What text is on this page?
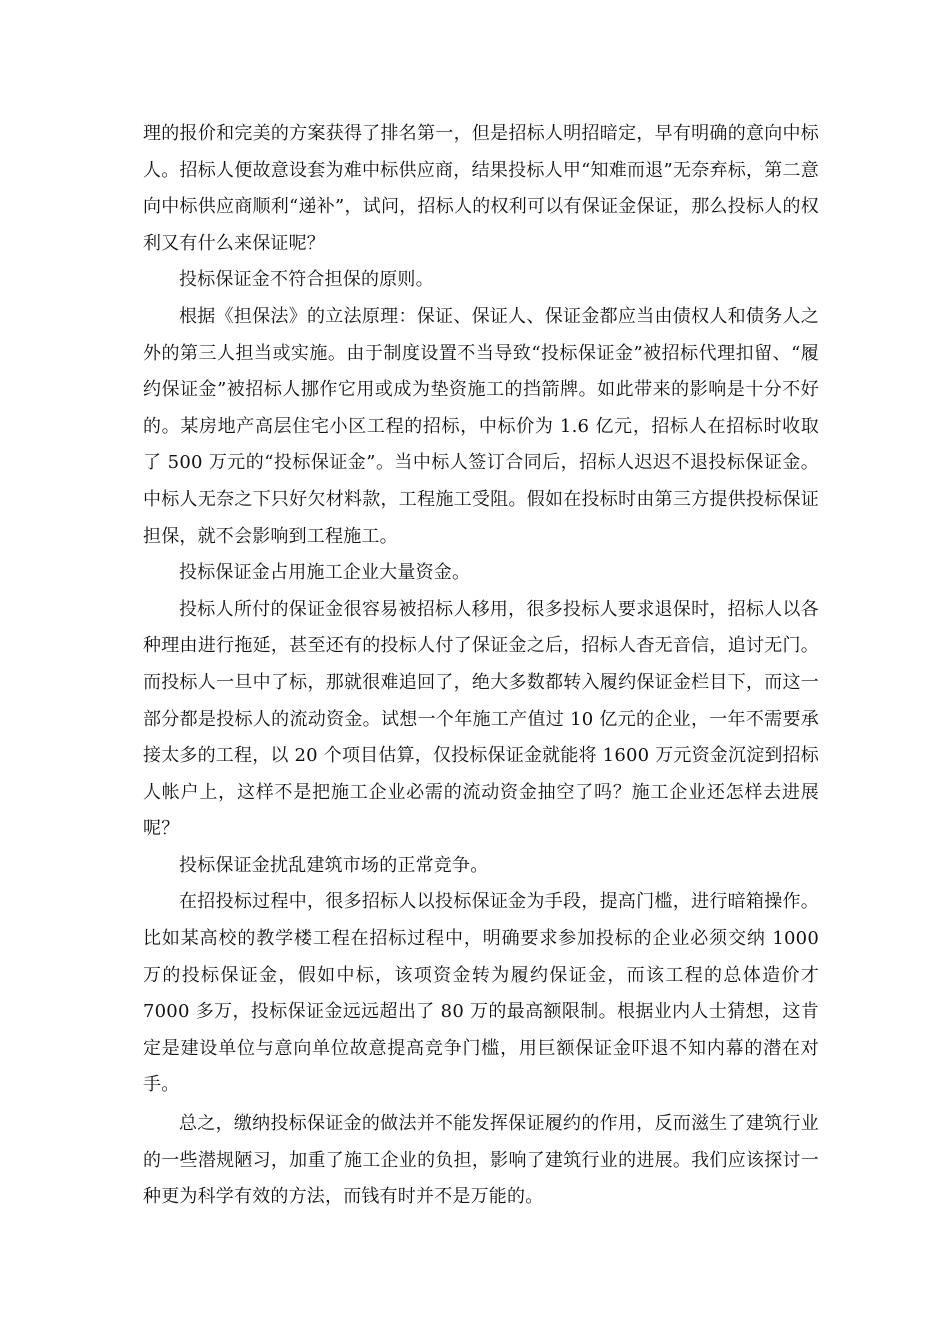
理的报价和完美的方案获得了排名第一，但是招标人明招暗定，早有明确的意向中标人。招标人便故意设套为难中标供应商，结果投标人甲“知难而退”无奈弃标，第二意向中标供应商顺利“递补”，试问，招标人的权利可以有保证金保证，那么投标人的权利又有什么来保证呢？

投标保证金不符合担保的原则。

根据《担保法》的立法原理：保证、保证人、保证金都应当由债权人和债务人之外的第三人担当或实施。由于制度设置不当导致“投标保证金”被招标代理扣留、“履约保证金”被招标人挪作它用或成为垫资施工的挡箭牌。如此带来的影响是十分不好的。某房地产高层住宅小区工程的招标，中标价为 1.6 亿元，招标人在招标时收取了 500 万元的“投标保证金”。当中标人签订合同后，招标人迟迟不退投标保证金。中标人无奈之下只好欠材料款，工程施工受阻。假如在投标时由第三方提供投标保证担保，就不会影响到工程施工。

投标保证金占用施工企业大量资金。

投标人所付的保证金很容易被招标人移用，很多投标人要求退保时，招标人以各种理由进行拖延，甚至还有的投标人付了保证金之后，招标人杳无音信，追讨无门。而投标人一旦中了标，那就很难追回了，绝大多数都转入履约保证金栏目下，而这一部分都是投标人的流动资金。试想一个年施工产值过 10 亿元的企业，一年不需要承接太多的工程，以 20 个项目估算，仅投标保证金就能将 1600 万元资金沉淀到招标人帐户上，这样不是把施工企业必需的流动资金抽空了吗？施工企业还怎样去进展呢？

投标保证金扰乱建筑市场的正常竞争。

在招投标过程中，很多招标人以投标保证金为手段，提高门槛，进行暗箱操作。比如某高校的教学楼工程在招标过程中，明确要求参加投标的企业必须交纳 1000 万的投标保证金，假如中标，该项资金转为履约保证金，而该工程的总体造价才 7000 多万，投标保证金远远超出了 80 万的最高额限制。根据业内人士猜想，这肯定是建设单位与意向单位故意提高竞争门槛，用巨额保证金吓退不知内幕的潜在对手。

总之，缴纳投标保证金的做法并不能发挥保证履约的作用，反而滋生了建筑行业的一些潜规陋习，加重了施工企业的负担，影响了建筑行业的进展。我们应该探讨一种更为科学有效的方法，而钱有时并不是万能的。
